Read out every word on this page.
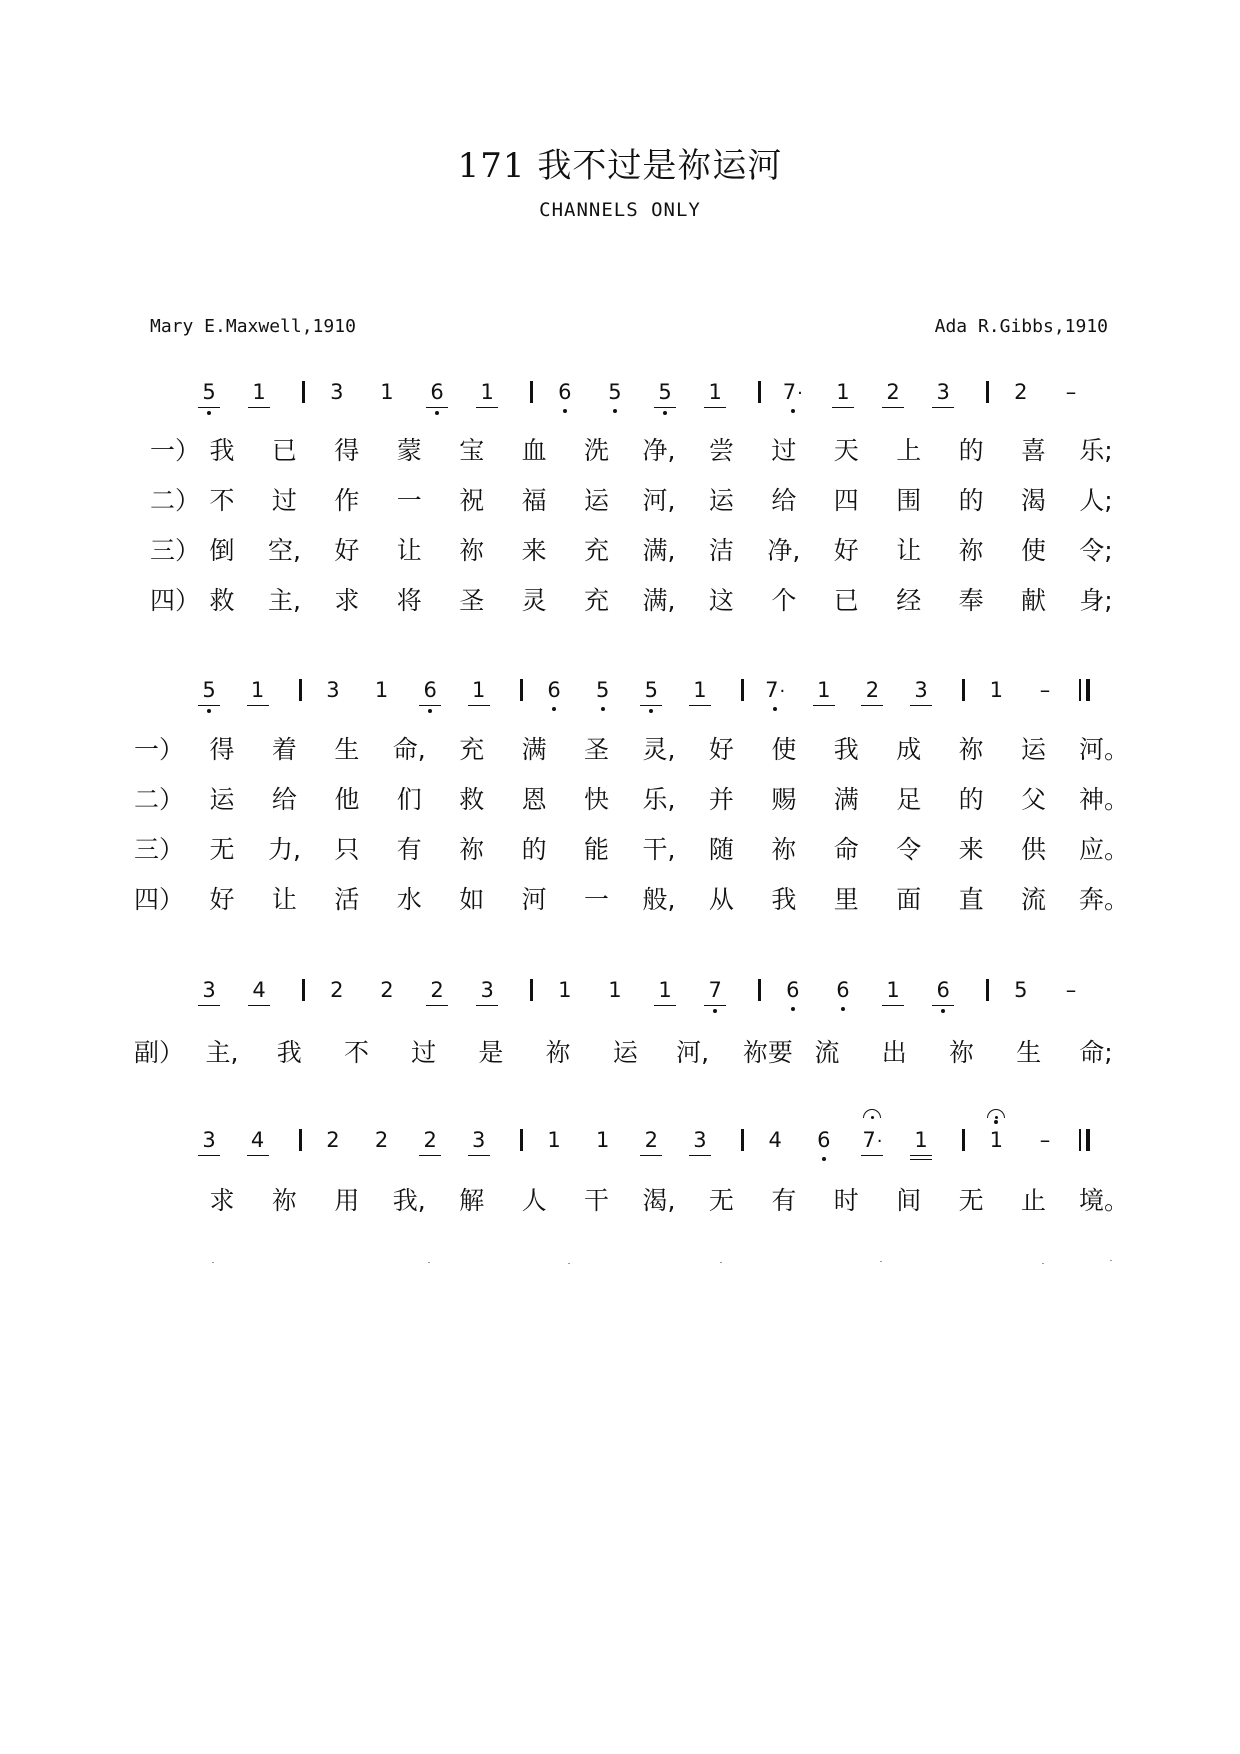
171 我不过是祢运河
CHANNELS ONLY
Mary E.Maxwell,1910	Ada R.Gibbs,1910
5	1	3	1	6	1	6	5	5	1	7·	1	2	3	2	–
一） 我 已 得 蒙 宝 血 洗 净, 尝 过 天 上 的 喜 乐;
二） 不 过 作 一 祝 福 运 河, 运 给 四 围 的 渴 人;
三） 倒 空, 好 让 祢 来 充 满, 洁 净, 好 让 祢 使 令;
四） 救 主, 求 将 圣 灵 充 满, 这 个 已 经 奉 献 身;
5	1	3	1	6	1	6	5	5	1	7·	1	2	3	1	–
一） 得 着 生 命, 充 满 圣 灵, 好 使 我 成 祢 运 河。
二） 运 给 他 们 救 恩 快 乐, 并 赐 满 足 的 父 神。
三） 无 力, 只 有 祢 的 能 干, 随 祢 命 令 来 供 应。
四） 好 让 活 水 如 河 一 般, 从 我 里 面 直 流 奔。
3	4	2	2	2	3	1	1	1	7	6	6	1	6	5	–
副） 主, 我 不 过 是 祢 运 河, 祢要 流 出 祢 生 命;
3	4	2	2	2	3	1	1	2	3	4	6	7·	1	1	–
求 祢 用 我, 解 人 干 渴, 无 有 时 间 无 止 境。
